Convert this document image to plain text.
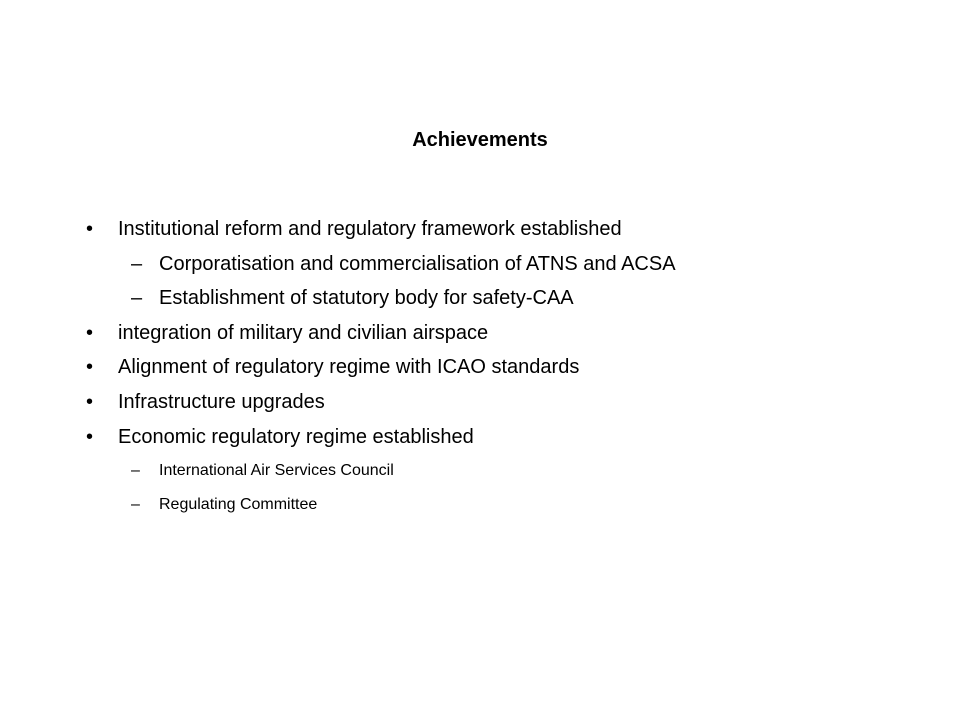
Achievements
• Institutional reform and regulatory framework established
– Corporatisation and commercialisation of ATNS and ACSA
– Establishment of statutory body for safety-CAA
• integration of military and civilian airspace
• Alignment of regulatory regime with ICAO standards
• Infrastructure upgrades
• Economic regulatory regime established
– International Air Services Council
– Regulating Committee
